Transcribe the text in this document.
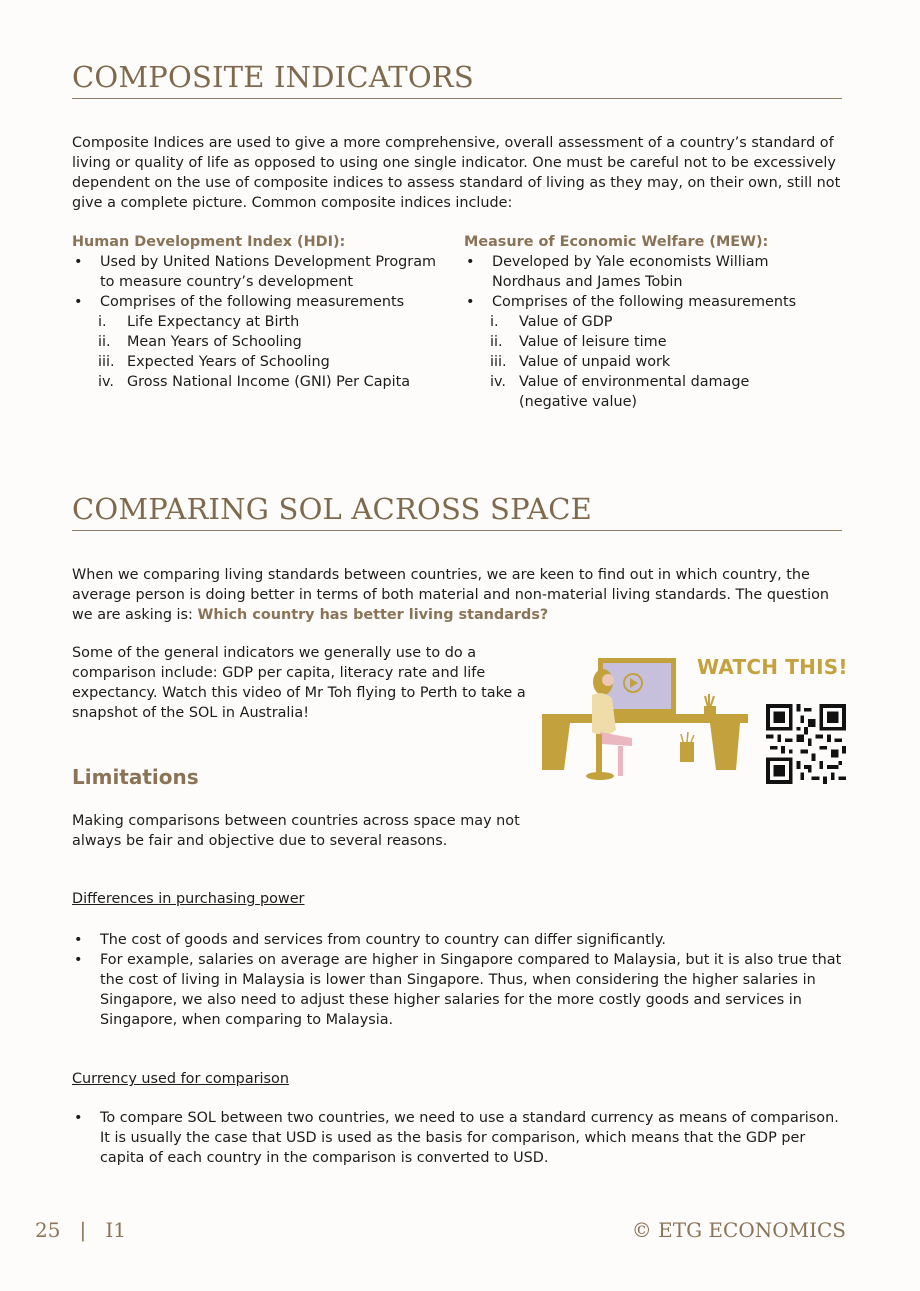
COMPOSITE INDICATORS

Composite Indices are used to give a more comprehensive, overall assessment of a country’s standard of living or quality of life as opposed to using one single indicator. One must be careful not to be excessively dependent on the use of composite indices to assess standard of living as they may, on their own, still not give a complete picture. Common composite indices include:

Human Development Index (HDI):

• Used by United Nations Development Program to measure country’s development
• Comprises of the following measurements
i. Life Expectancy at Birth
ii. Mean Years of Schooling
iii. Expected Years of Schooling
iv. Gross National Income (GNI) Per Capita

Measure of Economic Welfare (MEW):

• Developed by Yale economists William Nordhaus and James Tobin
• Comprises of the following measurements
i. Value of GDP
ii. Value of leisure time
iii. Value of unpaid work
iv. Value of environmental damage (negative value)
COMPARING SOL ACROSS SPACE

When we comparing living standards between countries, we are keen to find out in which country, the average person is doing better in terms of both material and non-material living standards. The question we are asking is: Which country has better living standards?

Some of the general indicators we generally use to do a comparison include: GDP per capita, literacy rate and life expectancy. Watch this video of Mr Toh flying to Perth to take a snapshot of the SOL in Australia!

WATCH THIS!

Limitations

Making comparisons between countries across space may not always be fair and objective due to several reasons.

Differences in purchasing power

• The cost of goods and services from country to country can differ significantly.
• For example, salaries on average are higher in Singapore compared to Malaysia, but it is also true that the cost of living in Malaysia is lower than Singapore. Thus, when considering the higher salaries in Singapore, we also need to adjust these higher salaries for the more costly goods and services in Singapore, when comparing to Malaysia.

Currency used for comparison

• To compare SOL between two countries, we need to use a standard currency as means of comparison. It is usually the case that USD is used as the basis for comparison, which means that the GDP per capita of each country in the comparison is converted to USD.
25   |   I1	© ETG ECONOMICS
